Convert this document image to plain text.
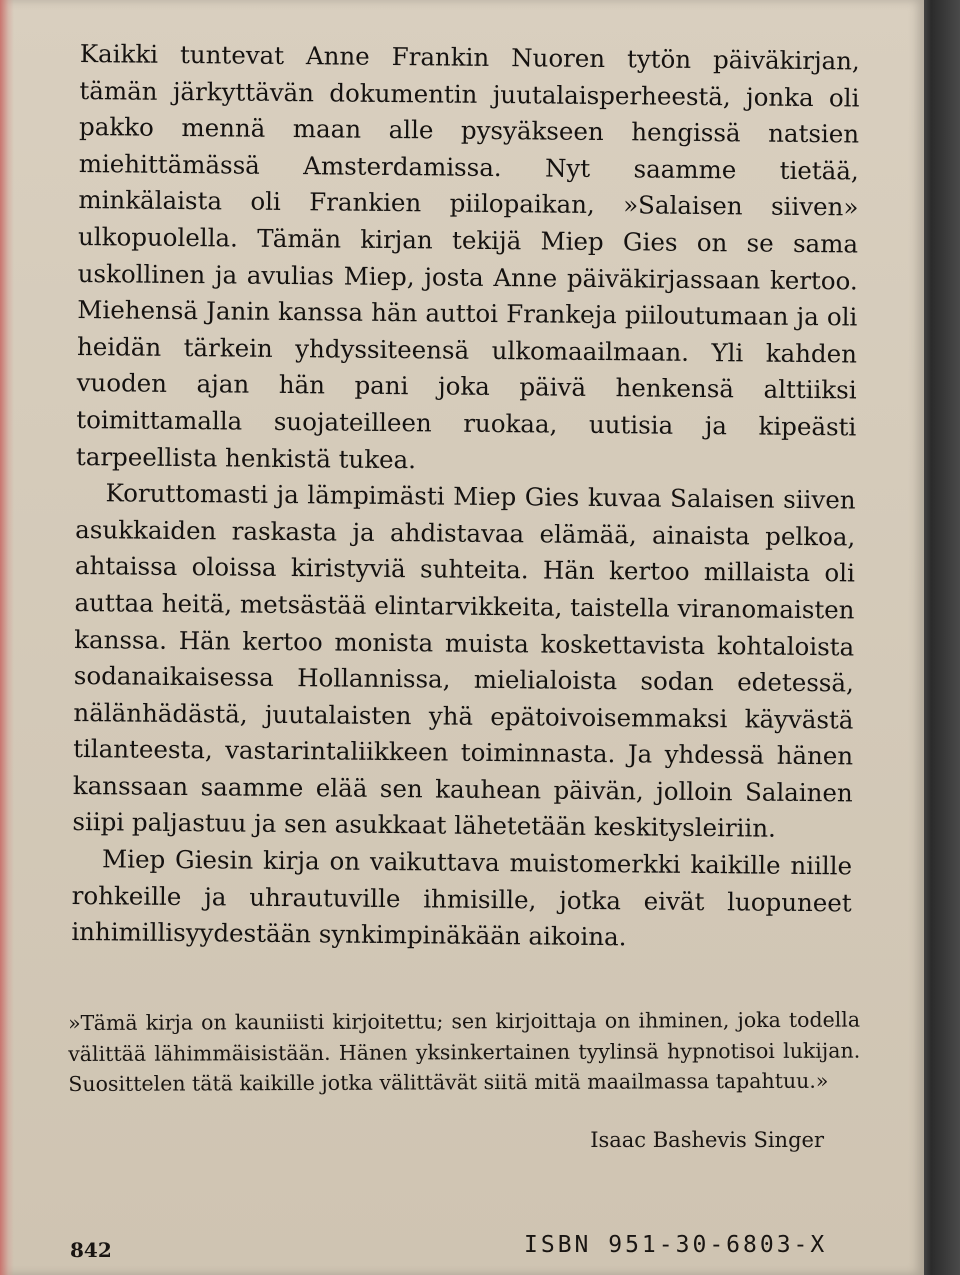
Kaikki tuntevat Anne Frankin Nuoren tytön päiväkirjan, tämän järkyttävän dokumentin juutalaisperheestä, jonka oli pakko mennä maan alle pysyäkseen hengissä natsien miehittämässä Amsterdamissa. Nyt saamme tietää, minkälaista oli Frankien piilopaikan, »Salaisen siiven» ulkopuolella. Tämän kirjan tekijä Miep Gies on se sama uskollinen ja avulias Miep, josta Anne päiväkirjassaan kertoo. Miehensä Janin kanssa hän auttoi Frankeja piiloutumaan ja oli heidän tärkein yhdyssiteensä ulkomaailmaan. Yli kahden vuoden ajan hän pani joka päivä henkensä alttiiksi toimittamalla suojateilleen ruokaa, uutisia ja kipeästi tarpeellista henkistä tukea.

Koruttomasti ja lämpimästi Miep Gies kuvaa Salaisen siiven asukkaiden raskasta ja ahdistavaa elämää, ainaista pelkoa, ahtaissa oloissa kiristyviä suhteita. Hän kertoo millaista oli auttaa heitä, metsästää elintarvikkeita, taistella viranomaisten kanssa. Hän kertoo monista muista koskettavista kohtaloista sodanaikaisessa Hollannissa, mielialoista sodan edetessä, nälänhädästä, juutalaisten yhä epätoivoisemmaksi käyvästä tilanteesta, vastarintaliikkeen toiminnasta. Ja yhdessä hänen kanssaan saamme elää sen kauhean päivän, jolloin Salainen siipi paljastuu ja sen asukkaat lähetetään keskitysleiriin.

Miep Giesin kirja on vaikuttava muistomerkki kaikille niille rohkeille ja uhrautuville ihmisille, jotka eivät luopuneet inhimillisyydestään synkimpinäkään aikoina.

»Tämä kirja on kauniisti kirjoitettu; sen kirjoittaja on ihminen, joka todella välittää lähimmäisistään. Hänen yksinkertainen tyylinsä hypnotisoi lukijan. Suosittelen tätä kaikille jotka välittävät siitä mitä maailmassa tapahtuu.»

Isaac Bashevis Singer
842	ISBN 951-30-6803-X
